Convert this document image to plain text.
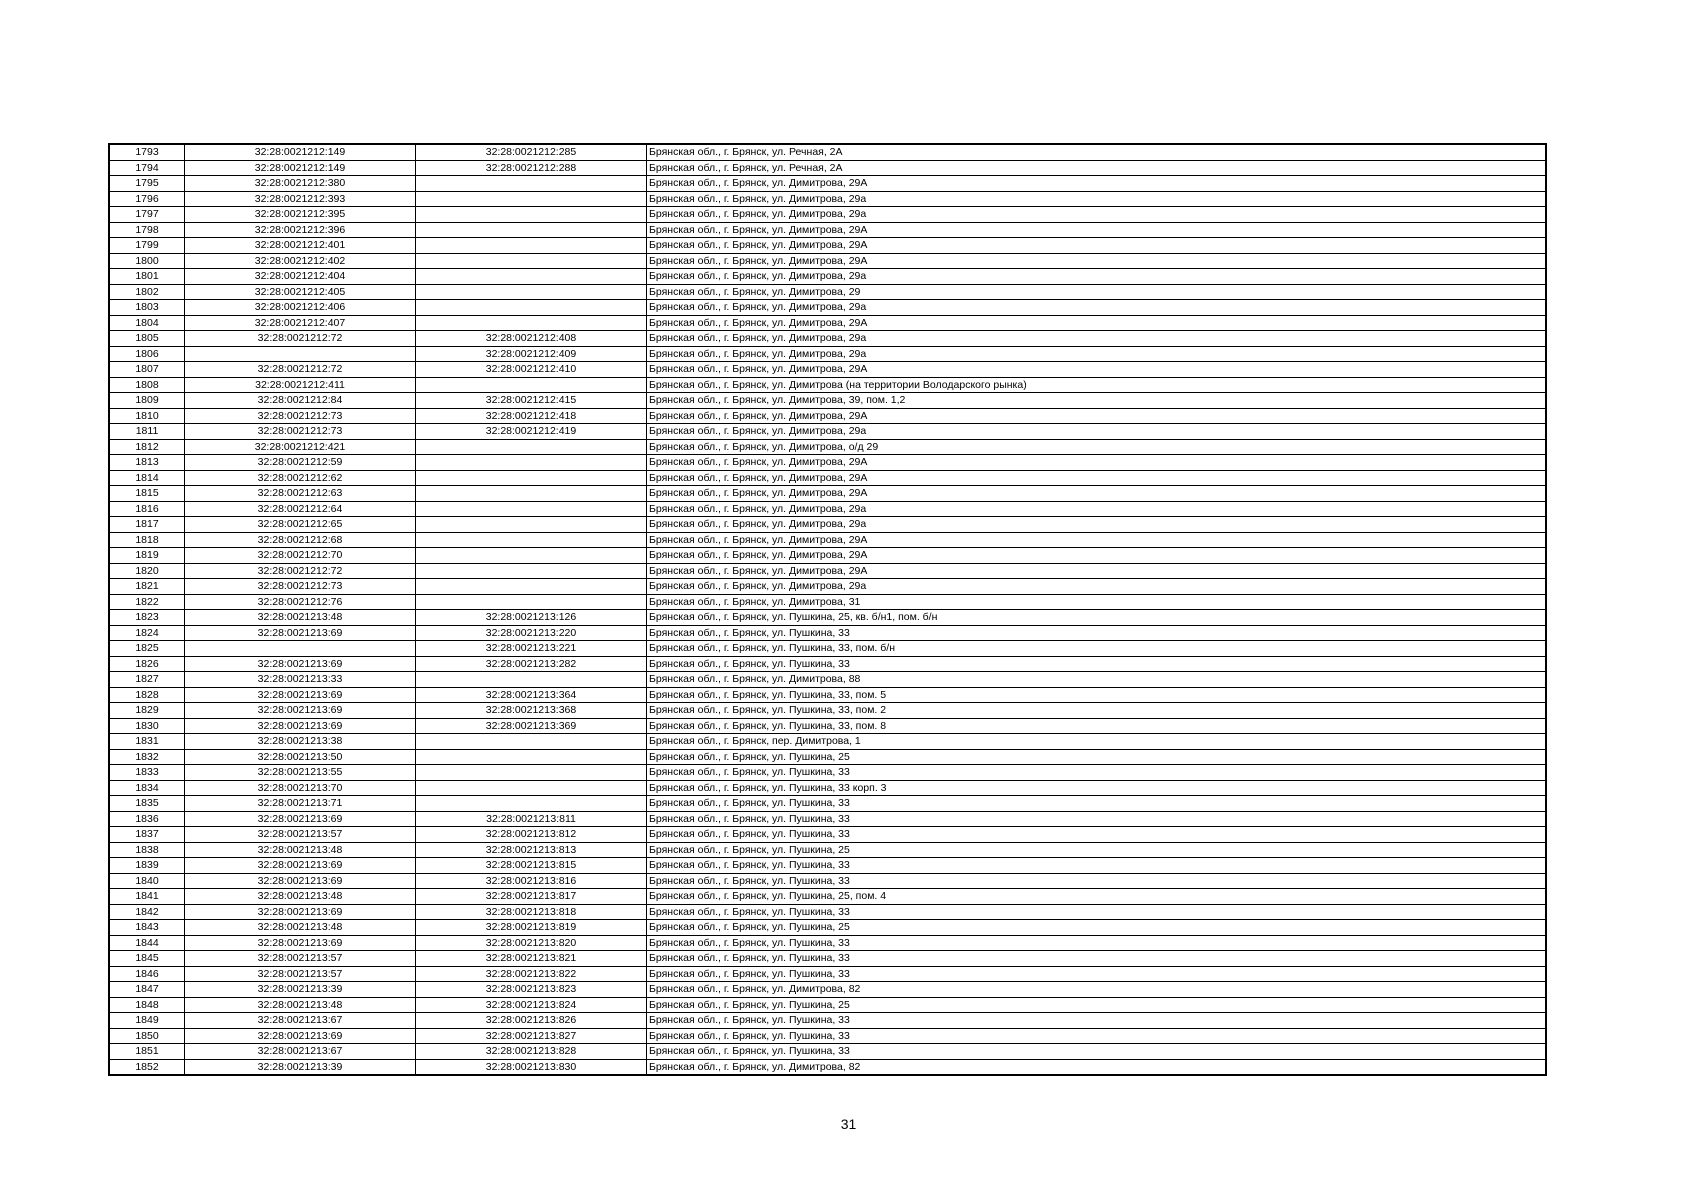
1793	32:28:0021212:149	32:28:0021212:285	Брянская обл., г. Брянск, ул. Речная, 2А
1794	32:28:0021212:149	32:28:0021212:288	Брянская обл., г. Брянск, ул. Речная, 2А
1795	32:28:0021212:380		Брянская обл., г. Брянск, ул. Димитрова, 29А
1796	32:28:0021212:393		Брянская обл., г. Брянск, ул. Димитрова, 29а
1797	32:28:0021212:395		Брянская обл., г. Брянск, ул. Димитрова, 29а
1798	32:28:0021212:396		Брянская обл., г. Брянск, ул. Димитрова, 29А
1799	32:28:0021212:401		Брянская обл., г. Брянск, ул. Димитрова, 29А
1800	32:28:0021212:402		Брянская обл., г. Брянск, ул. Димитрова, 29А
1801	32:28:0021212:404		Брянская обл., г. Брянск, ул. Димитрова, 29а
1802	32:28:0021212:405		Брянская обл., г. Брянск, ул. Димитрова, 29
1803	32:28:0021212:406		Брянская обл., г. Брянск, ул. Димитрова, 29а
1804	32:28:0021212:407		Брянская обл., г. Брянск, ул. Димитрова, 29А
1805	32:28:0021212:72	32:28:0021212:408	Брянская обл., г. Брянск, ул. Димитрова, 29а
1806		32:28:0021212:409	Брянская обл., г. Брянск, ул. Димитрова, 29а
1807	32:28:0021212:72	32:28:0021212:410	Брянская обл., г. Брянск, ул. Димитрова, 29А
1808	32:28:0021212:411		Брянская обл., г. Брянск, ул. Димитрова (на территории Володарского рынка)
1809	32:28:0021212:84	32:28:0021212:415	Брянская обл., г. Брянск, ул. Димитрова, 39, пом. 1,2
1810	32:28:0021212:73	32:28:0021212:418	Брянская обл., г. Брянск, ул. Димитрова, 29А
1811	32:28:0021212:73	32:28:0021212:419	Брянская обл., г. Брянск, ул. Димитрова, 29а
1812	32:28:0021212:421		Брянская обл., г. Брянск, ул. Димитрова, о/д 29
1813	32:28:0021212:59		Брянская обл., г. Брянск, ул. Димитрова, 29А
1814	32:28:0021212:62		Брянская обл., г. Брянск, ул. Димитрова, 29А
1815	32:28:0021212:63		Брянская обл., г. Брянск, ул. Димитрова, 29А
1816	32:28:0021212:64		Брянская обл., г. Брянск, ул. Димитрова, 29а
1817	32:28:0021212:65		Брянская обл., г. Брянск, ул. Димитрова, 29а
1818	32:28:0021212:68		Брянская обл., г. Брянск, ул. Димитрова, 29А
1819	32:28:0021212:70		Брянская обл., г. Брянск, ул. Димитрова, 29А
1820	32:28:0021212:72		Брянская обл., г. Брянск, ул. Димитрова, 29А
1821	32:28:0021212:73		Брянская обл., г. Брянск, ул. Димитрова, 29а
1822	32:28:0021212:76		Брянская обл., г. Брянск, ул. Димитрова, 31
1823	32:28:0021213:48	32:28:0021213:126	Брянская обл., г. Брянск, ул. Пушкина, 25, кв. б/н1, пом. б/н
1824	32:28:0021213:69	32:28:0021213:220	Брянская обл., г. Брянск, ул. Пушкина, 33
1825		32:28:0021213:221	Брянская обл., г. Брянск, ул. Пушкина, 33, пом. б/н
1826	32:28:0021213:69	32:28:0021213:282	Брянская обл., г. Брянск, ул. Пушкина, 33
1827	32:28:0021213:33		Брянская обл., г. Брянск, ул. Димитрова, 88
1828	32:28:0021213:69	32:28:0021213:364	Брянская обл., г. Брянск, ул. Пушкина, 33, пом. 5
1829	32:28:0021213:69	32:28:0021213:368	Брянская обл., г. Брянск, ул. Пушкина, 33, пом. 2
1830	32:28:0021213:69	32:28:0021213:369	Брянская обл., г. Брянск, ул. Пушкина, 33, пом. 8
1831	32:28:0021213:38		Брянская обл., г. Брянск, пер. Димитрова, 1
1832	32:28:0021213:50		Брянская обл., г. Брянск, ул. Пушкина, 25
1833	32:28:0021213:55		Брянская обл., г. Брянск, ул. Пушкина, 33
1834	32:28:0021213:70		Брянская обл., г. Брянск, ул. Пушкина, 33 корп. 3
1835	32:28:0021213:71		Брянская обл., г. Брянск, ул. Пушкина, 33
1836	32:28:0021213:69	32:28:0021213:811	Брянская обл., г. Брянск, ул. Пушкина, 33
1837	32:28:0021213:57	32:28:0021213:812	Брянская обл., г. Брянск, ул. Пушкина, 33
1838	32:28:0021213:48	32:28:0021213:813	Брянская обл., г. Брянск, ул. Пушкина, 25
1839	32:28:0021213:69	32:28:0021213:815	Брянская обл., г. Брянск, ул. Пушкина, 33
1840	32:28:0021213:69	32:28:0021213:816	Брянская обл., г. Брянск, ул. Пушкина, 33
1841	32:28:0021213:48	32:28:0021213:817	Брянская обл., г. Брянск, ул. Пушкина, 25, пом. 4
1842	32:28:0021213:69	32:28:0021213:818	Брянская обл., г. Брянск, ул. Пушкина, 33
1843	32:28:0021213:48	32:28:0021213:819	Брянская обл., г. Брянск, ул. Пушкина, 25
1844	32:28:0021213:69	32:28:0021213:820	Брянская обл., г. Брянск, ул. Пушкина, 33
1845	32:28:0021213:57	32:28:0021213:821	Брянская обл., г. Брянск, ул. Пушкина, 33
1846	32:28:0021213:57	32:28:0021213:822	Брянская обл., г. Брянск, ул. Пушкина, 33
1847	32:28:0021213:39	32:28:0021213:823	Брянская обл., г. Брянск, ул. Димитрова, 82
1848	32:28:0021213:48	32:28:0021213:824	Брянская обл., г. Брянск, ул. Пушкина, 25
1849	32:28:0021213:67	32:28:0021213:826	Брянская обл., г. Брянск, ул. Пушкина, 33
1850	32:28:0021213:69	32:28:0021213:827	Брянская обл., г. Брянск, ул. Пушкина, 33
1851	32:28:0021213:67	32:28:0021213:828	Брянская обл., г. Брянск, ул. Пушкина, 33
1852	32:28:0021213:39	32:28:0021213:830	Брянская обл., г. Брянск, ул. Димитрова, 82
31
